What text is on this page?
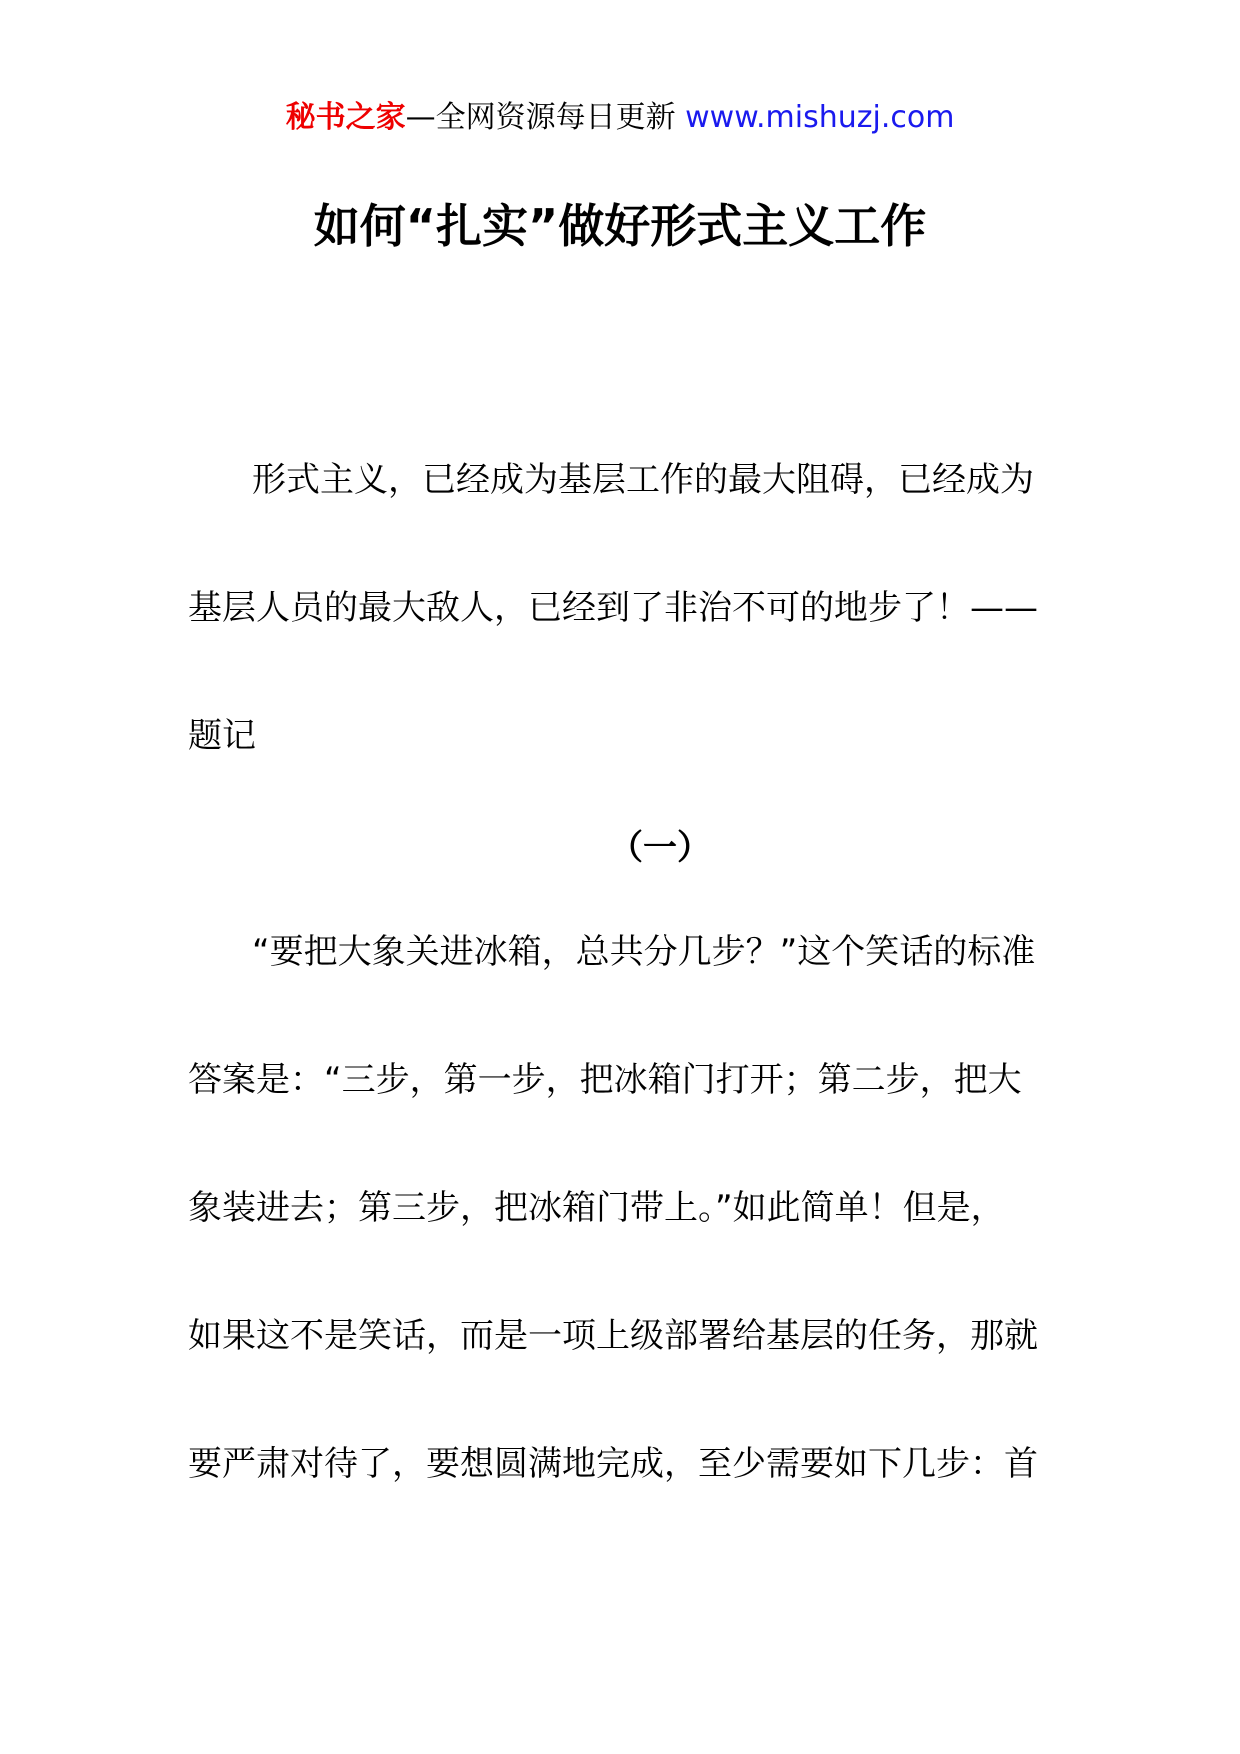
秘书之家—全网资源每日更新 www.mishuzj.com
如何“扎实”做好形式主义工作

形式主义，已经成为基层工作的最大阻碍，已经成为

基层人员的最大敌人，已经到了非治不可的地步了！——

题记

（一）

“要把大象关进冰箱，总共分几步？”这个笑话的标准

答案是：“三步，第一步，把冰箱门打开；第二步，把大

象装进去；第三步，把冰箱门带上。”如此简单！但是，

如果这不是笑话，而是一项上级部署给基层的任务，那就

要严肃对待了，要想圆满地完成，至少需要如下几步：首
